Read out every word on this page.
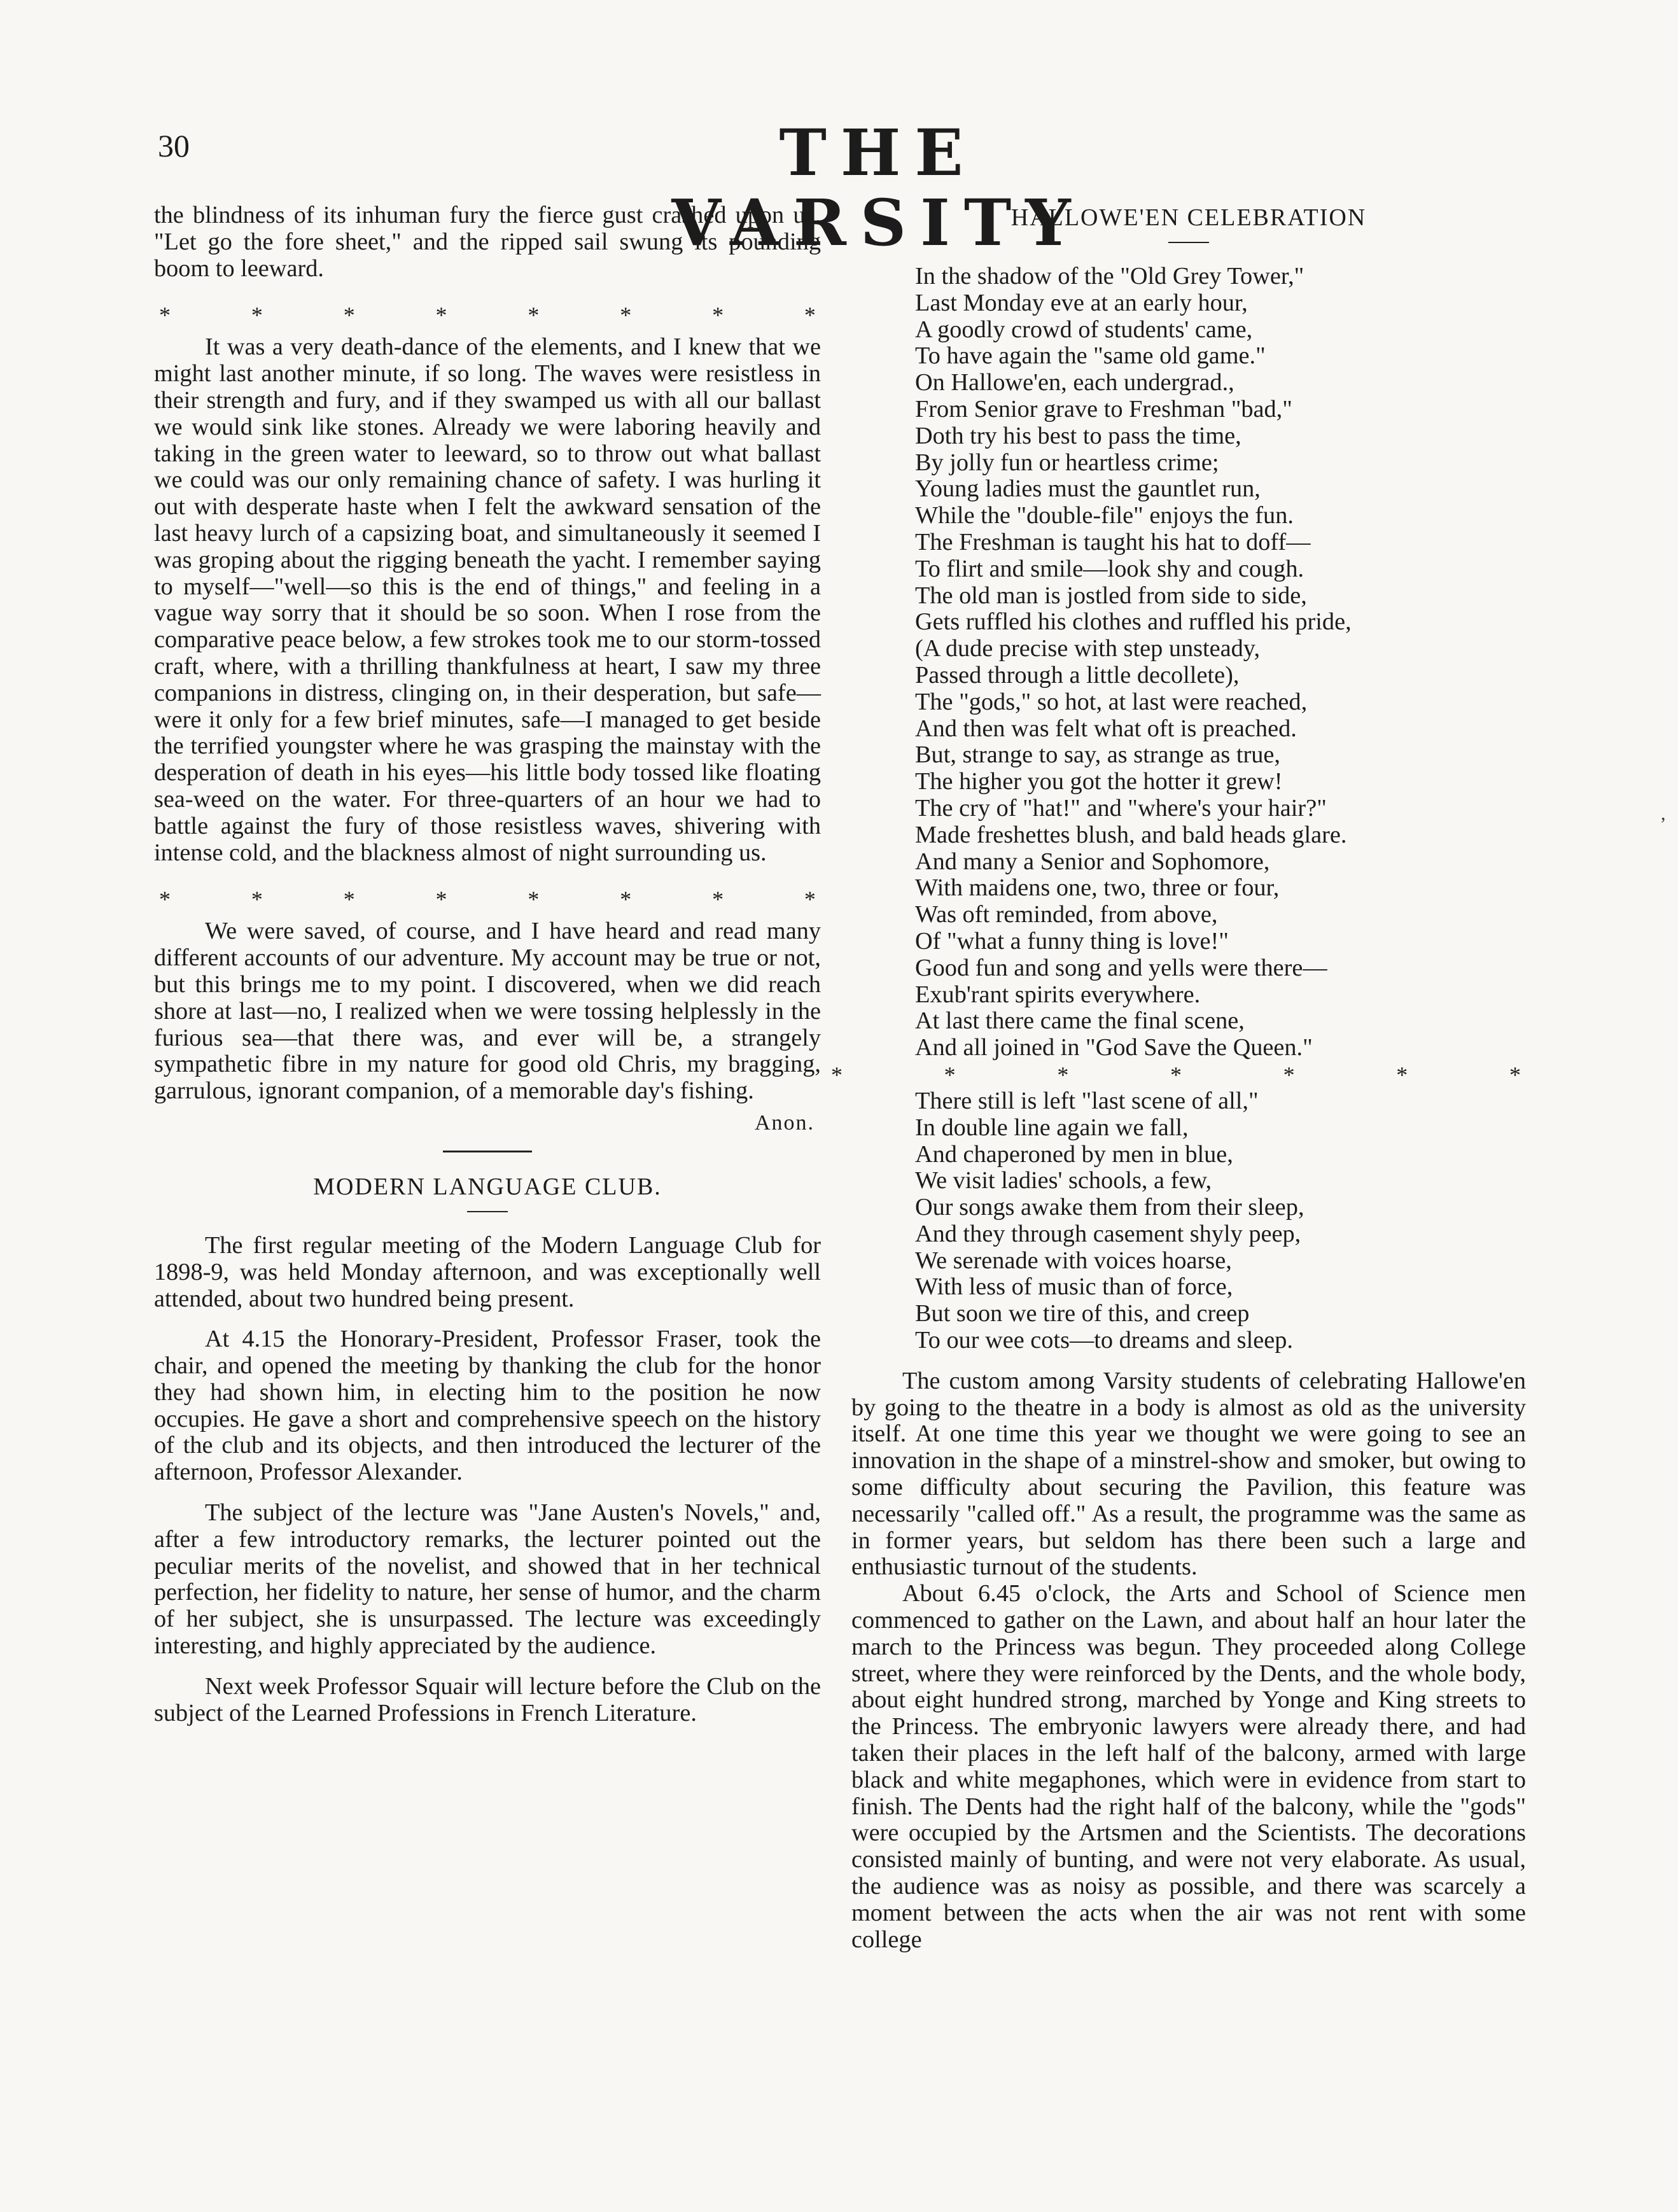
30	THE VARSITY

the blindness of its inhuman fury the fierce gust crashed upon us. "Let go the fore sheet," and the ripped sail swung its pounding boom to leeward.

*	*	*	*	*	*	*	*

It was a very death-dance of the elements, and I knew that we might last another minute, if so long. The waves were resistless in their strength and fury, and if they swamped us with all our ballast we would sink like stones. Already we were laboring heavily and taking in the green water to leeward, so to throw out what ballast we could was our only remaining chance of safety. I was hurling it out with desperate haste when I felt the awkward sensation of the last heavy lurch of a capsizing boat, and simultaneously it seemed I was groping about the rigging beneath the yacht. I remember saying to myself—"well—so this is the end of things," and feeling in a vague way sorry that it should be so soon. When I rose from the comparative peace below, a few strokes took me to our storm-tossed craft, where, with a thrilling thankfulness at heart, I saw my three companions in distress, clinging on, in their desperation, but safe—were it only for a few brief minutes, safe—I managed to get beside the terrified youngster where he was grasping the mainstay with the desperation of death in his eyes—his little body tossed like floating sea-weed on the water. For three-quarters of an hour we had to battle against the fury of those resistless waves, shivering with intense cold, and the blackness almost of night surrounding us.

*	*	*	*	*	*	*	*

We were saved, of course, and I have heard and read many different accounts of our adventure. My account may be true or not, but this brings me to my point. I discovered, when we did reach shore at last—no, I realized when we were tossing helplessly in the furious sea—that there was, and ever will be, a strangely sympathetic fibre in my nature for good old Chris, my bragging, garrulous, ignorant companion, of a memorable day's fishing.

Anon.
MODERN LANGUAGE CLUB.

The first regular meeting of the Modern Language Club for 1898-9, was held Monday afternoon, and was exceptionally well attended, about two hundred being present.

At 4.15 the Honorary-President, Professor Fraser, took the chair, and opened the meeting by thanking the club for the honor they had shown him, in electing him to the position he now occupies. He gave a short and comprehensive speech on the history of the club and its objects, and then introduced the lecturer of the afternoon, Professor Alexander.

The subject of the lecture was "Jane Austen's Novels," and, after a few introductory remarks, the lecturer pointed out the peculiar merits of the novelist, and showed that in her technical perfection, her fidelity to nature, her sense of humor, and the charm of her subject, she is unsurpassed. The lecture was exceedingly interesting, and highly appreciated by the audience.

Next week Professor Squair will lecture before the Club on the subject of the Learned Professions in French Literature.

HALLOWE'EN CELEBRATION
In the shadow of the "Old Grey Tower,"
Last Monday eve at an early hour,
A goodly crowd of students' came,
To have again the "same old game."
On Hallowe'en, each undergrad.,
From Senior grave to Freshman "bad,"
Doth try his best to pass the time,
By jolly fun or heartless crime;
Young ladies must the gauntlet run,
While the "double-file" enjoys the fun.
The Freshman is taught his hat to doff—
To flirt and smile—look shy and cough.
The old man is jostled from side to side,
Gets ruffled his clothes and ruffled his pride,
(A dude precise with step unsteady,
Passed through a little decollete),
The "gods," so hot, at last were reached,
And then was felt what oft is preached.
But, strange to say, as strange as true,
The higher you got the hotter it grew!
The cry of "hat!" and "where's your hair?"
Made freshettes blush, and bald heads glare.
And many a Senior and Sophomore,
With maidens one, two, three or four,
Was oft reminded, from above,
Of "what a funny thing is love!"
Good fun and song and yells were there—
Exub'rant spirits everywhere.
At last there came the final scene,
And all joined in "God Save the Queen."
*	*	*	*	*	*	*
There still is left "last scene of all,"
In double line again we fall,
And chaperoned by men in blue,
We visit ladies' schools, a few,
Our songs awake them from their sleep,
And they through casement shyly peep,
We serenade with voices hoarse,
With less of music than of force,
But soon we tire of this, and creep
To our wee cots—to dreams and sleep.

The custom among Varsity students of celebrating Hallowe'en by going to the theatre in a body is almost as old as the university itself. At one time this year we thought we were going to see an innovation in the shape of a minstrel-show and smoker, but owing to some difficulty about securing the Pavilion, this feature was necessarily "called off." As a result, the programme was the same as in former years, but seldom has there been such a large and enthusiastic turnout of the students.

About 6.45 o'clock, the Arts and School of Science men commenced to gather on the Lawn, and about half an hour later the march to the Princess was begun. They proceeded along College street, where they were reinforced by the Dents, and the whole body, about eight hundred strong, marched by Yonge and King streets to the Princess. The embryonic lawyers were already there, and had taken their places in the left half of the balcony, armed with large black and white megaphones, which were in evidence from start to finish. The Dents had the right half of the balcony, while the "gods" were occupied by the Artsmen and the Scientists. The decorations consisted mainly of bunting, and were not very elaborate. As usual, the audience was as noisy as possible, and there was scarcely a moment between the acts when the air was not rent with some college

,
